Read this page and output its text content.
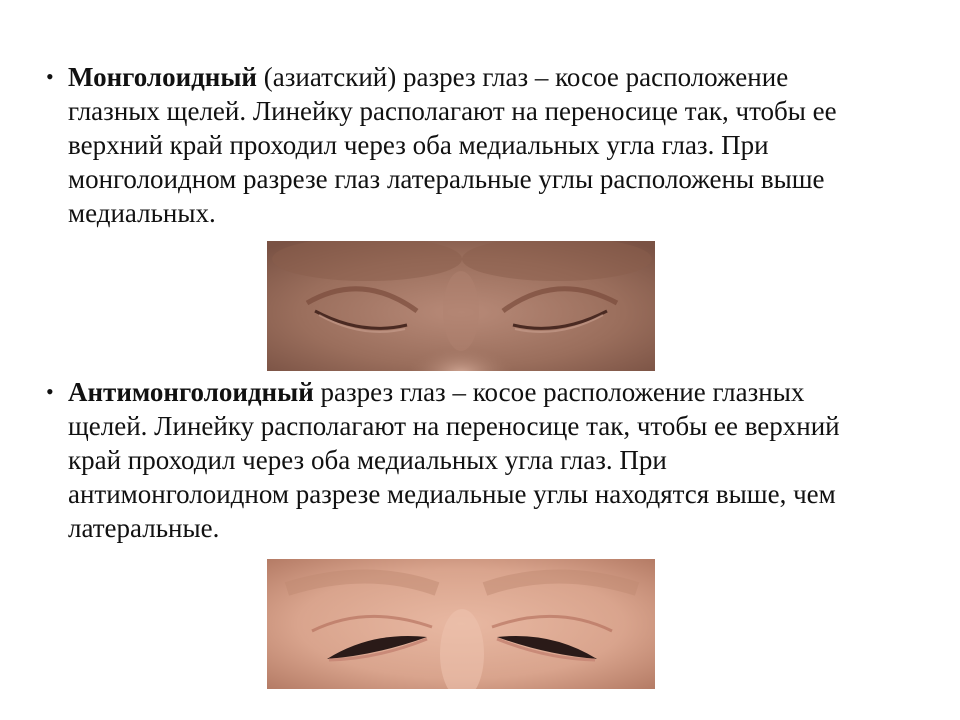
• Монголоидный (азиатский) разрез глаз – косое расположение глазных щелей. Линейку располагают на переносице так, чтобы ее верхний край проходил через оба медиальных угла глаз. При монголоидном разрезе глаз латеральные углы расположены выше медиальных.
• Антимонголоидный разрез глаз – косое расположение глазных щелей. Линейку располагают на переносице так, чтобы ее верхний край проходил через оба медиальных угла глаз. При антимонголоидном разрезе медиальные углы находятся выше, чем латеральные.
